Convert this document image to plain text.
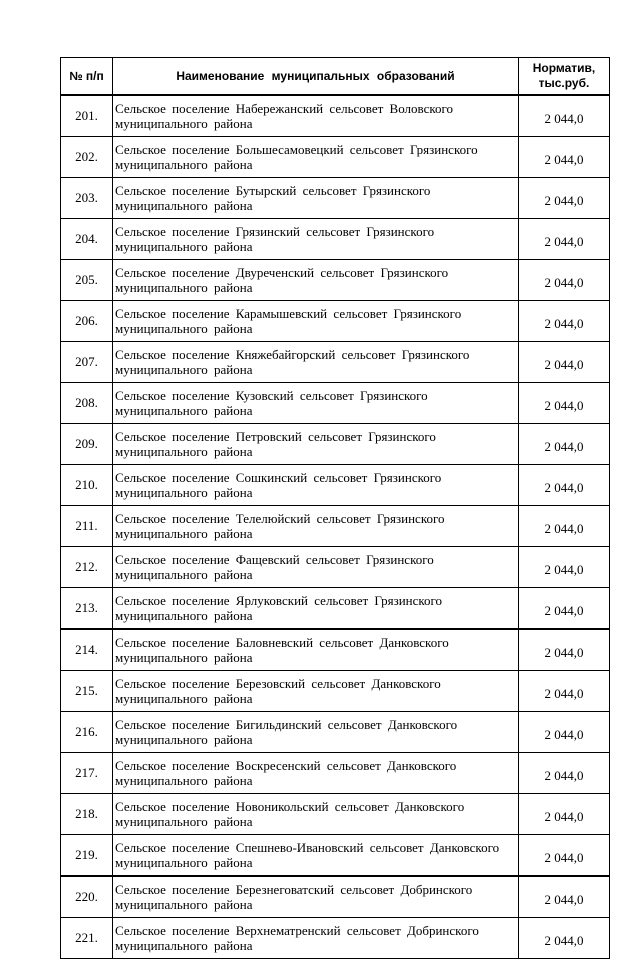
№ п/п	Наименование муниципальных образований	Норматив, тыс.руб.
201.	Сельское поселение Набережанский сельсовет Воловского муниципального района	2 044,0
202.	Сельское поселение Большесамовецкий сельсовет Грязинского муниципального района	2 044,0
203.	Сельское поселение Бутырский сельсовет Грязинского муниципального района	2 044,0
204.	Сельское поселение Грязинский сельсовет Грязинского муниципального района	2 044,0
205.	Сельское поселение Двуреченский сельсовет Грязинского муниципального района	2 044,0
206.	Сельское поселение Карамышевский сельсовет Грязинского муниципального района	2 044,0
207.	Сельское поселение Княжебайгорский сельсовет Грязинского муниципального района	2 044,0
208.	Сельское поселение Кузовский сельсовет Грязинского муниципального района	2 044,0
209.	Сельское поселение Петровский сельсовет Грязинского муниципального района	2 044,0
210.	Сельское поселение Сошкинский сельсовет Грязинского муниципального района	2 044,0
211.	Сельское поселение Телелюйский сельсовет Грязинского муниципального района	2 044,0
212.	Сельское поселение Фащевский сельсовет Грязинского муниципального района	2 044,0
213.	Сельское поселение Ярлуковский сельсовет Грязинского муниципального района	2 044,0
214.	Сельское поселение Баловневский сельсовет Данковского муниципального района	2 044,0
215.	Сельское поселение Березовский сельсовет Данковского муниципального района	2 044,0
216.	Сельское поселение Бигильдинский сельсовет Данковского муниципального района	2 044,0
217.	Сельское поселение Воскресенский сельсовет Данковского муниципального района	2 044,0
218.	Сельское поселение Новоникольский сельсовет Данковского муниципального района	2 044,0
219.	Сельское поселение Спешнево-Ивановский сельсовет Данковского муниципального района	2 044,0
220.	Сельское поселение Березнеговатский сельсовет Добринского муниципального района	2 044,0
221.	Сельское поселение Верхнематренский сельсовет Добринского муниципального района	2 044,0
